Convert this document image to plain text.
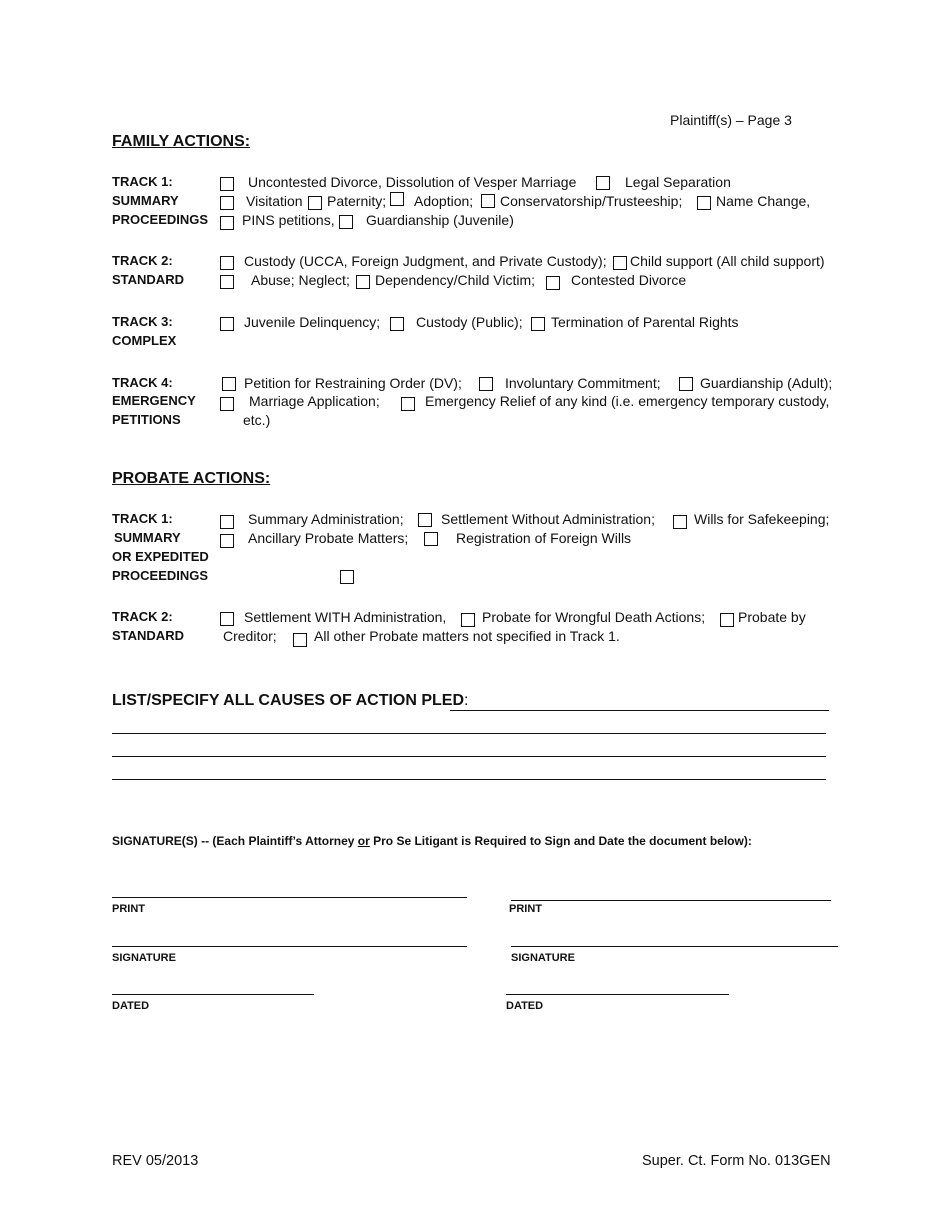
Plaintiff(s) – Page 3
FAMILY ACTIONS:
TRACK 1:
SUMMARY
PROCEEDINGS
Uncontested Divorce, Dissolution of Vesper Marriage	Legal Separation
Visitation Paternity; Adoption; Conservatorship/Trusteeship; Name Change,
PINS petitions, Guardianship (Juvenile)
TRACK 2:
STANDARD
Custody (UCCA, Foreign Judgment, and Private Custody); Child support (All child support)
Abuse; Neglect; Dependency/Child Victim;	Contested Divorce
TRACK 3:
COMPLEX
Juvenile Delinquency;	Custody (Public); Termination of Parental Rights
TRACK 4:
EMERGENCY
PETITIONS
Petition for Restraining Order (DV);	Involuntary Commitment;	Guardianship (Adult);
Marriage Application;	Emergency Relief of any kind (i.e. emergency temporary custody,
etc.)
PROBATE ACTIONS:
TRACK 1:
SUMMARY
OR EXPEDITED
PROCEEDINGS
Summary Administration;	Settlement Without Administration;	Wills for Safekeeping;
Ancillary Probate Matters;	Registration of Foreign Wills
TRACK 2:
STANDARD
Settlement WITH Administration,	Probate for Wrongful Death Actions; Probate by
Creditor;	All other Probate matters not specified in Track 1.
LIST/SPECIFY ALL CAUSES OF ACTION PLED:
SIGNATURE(S) -- (Each Plaintiff’s Attorney or Pro Se Litigant is Required to Sign and Date the document below):
PRINT
SIGNATURE
DATED
PRINT
SIGNATURE
DATED
REV 05/2013	Super. Ct. Form No. 013GEN
